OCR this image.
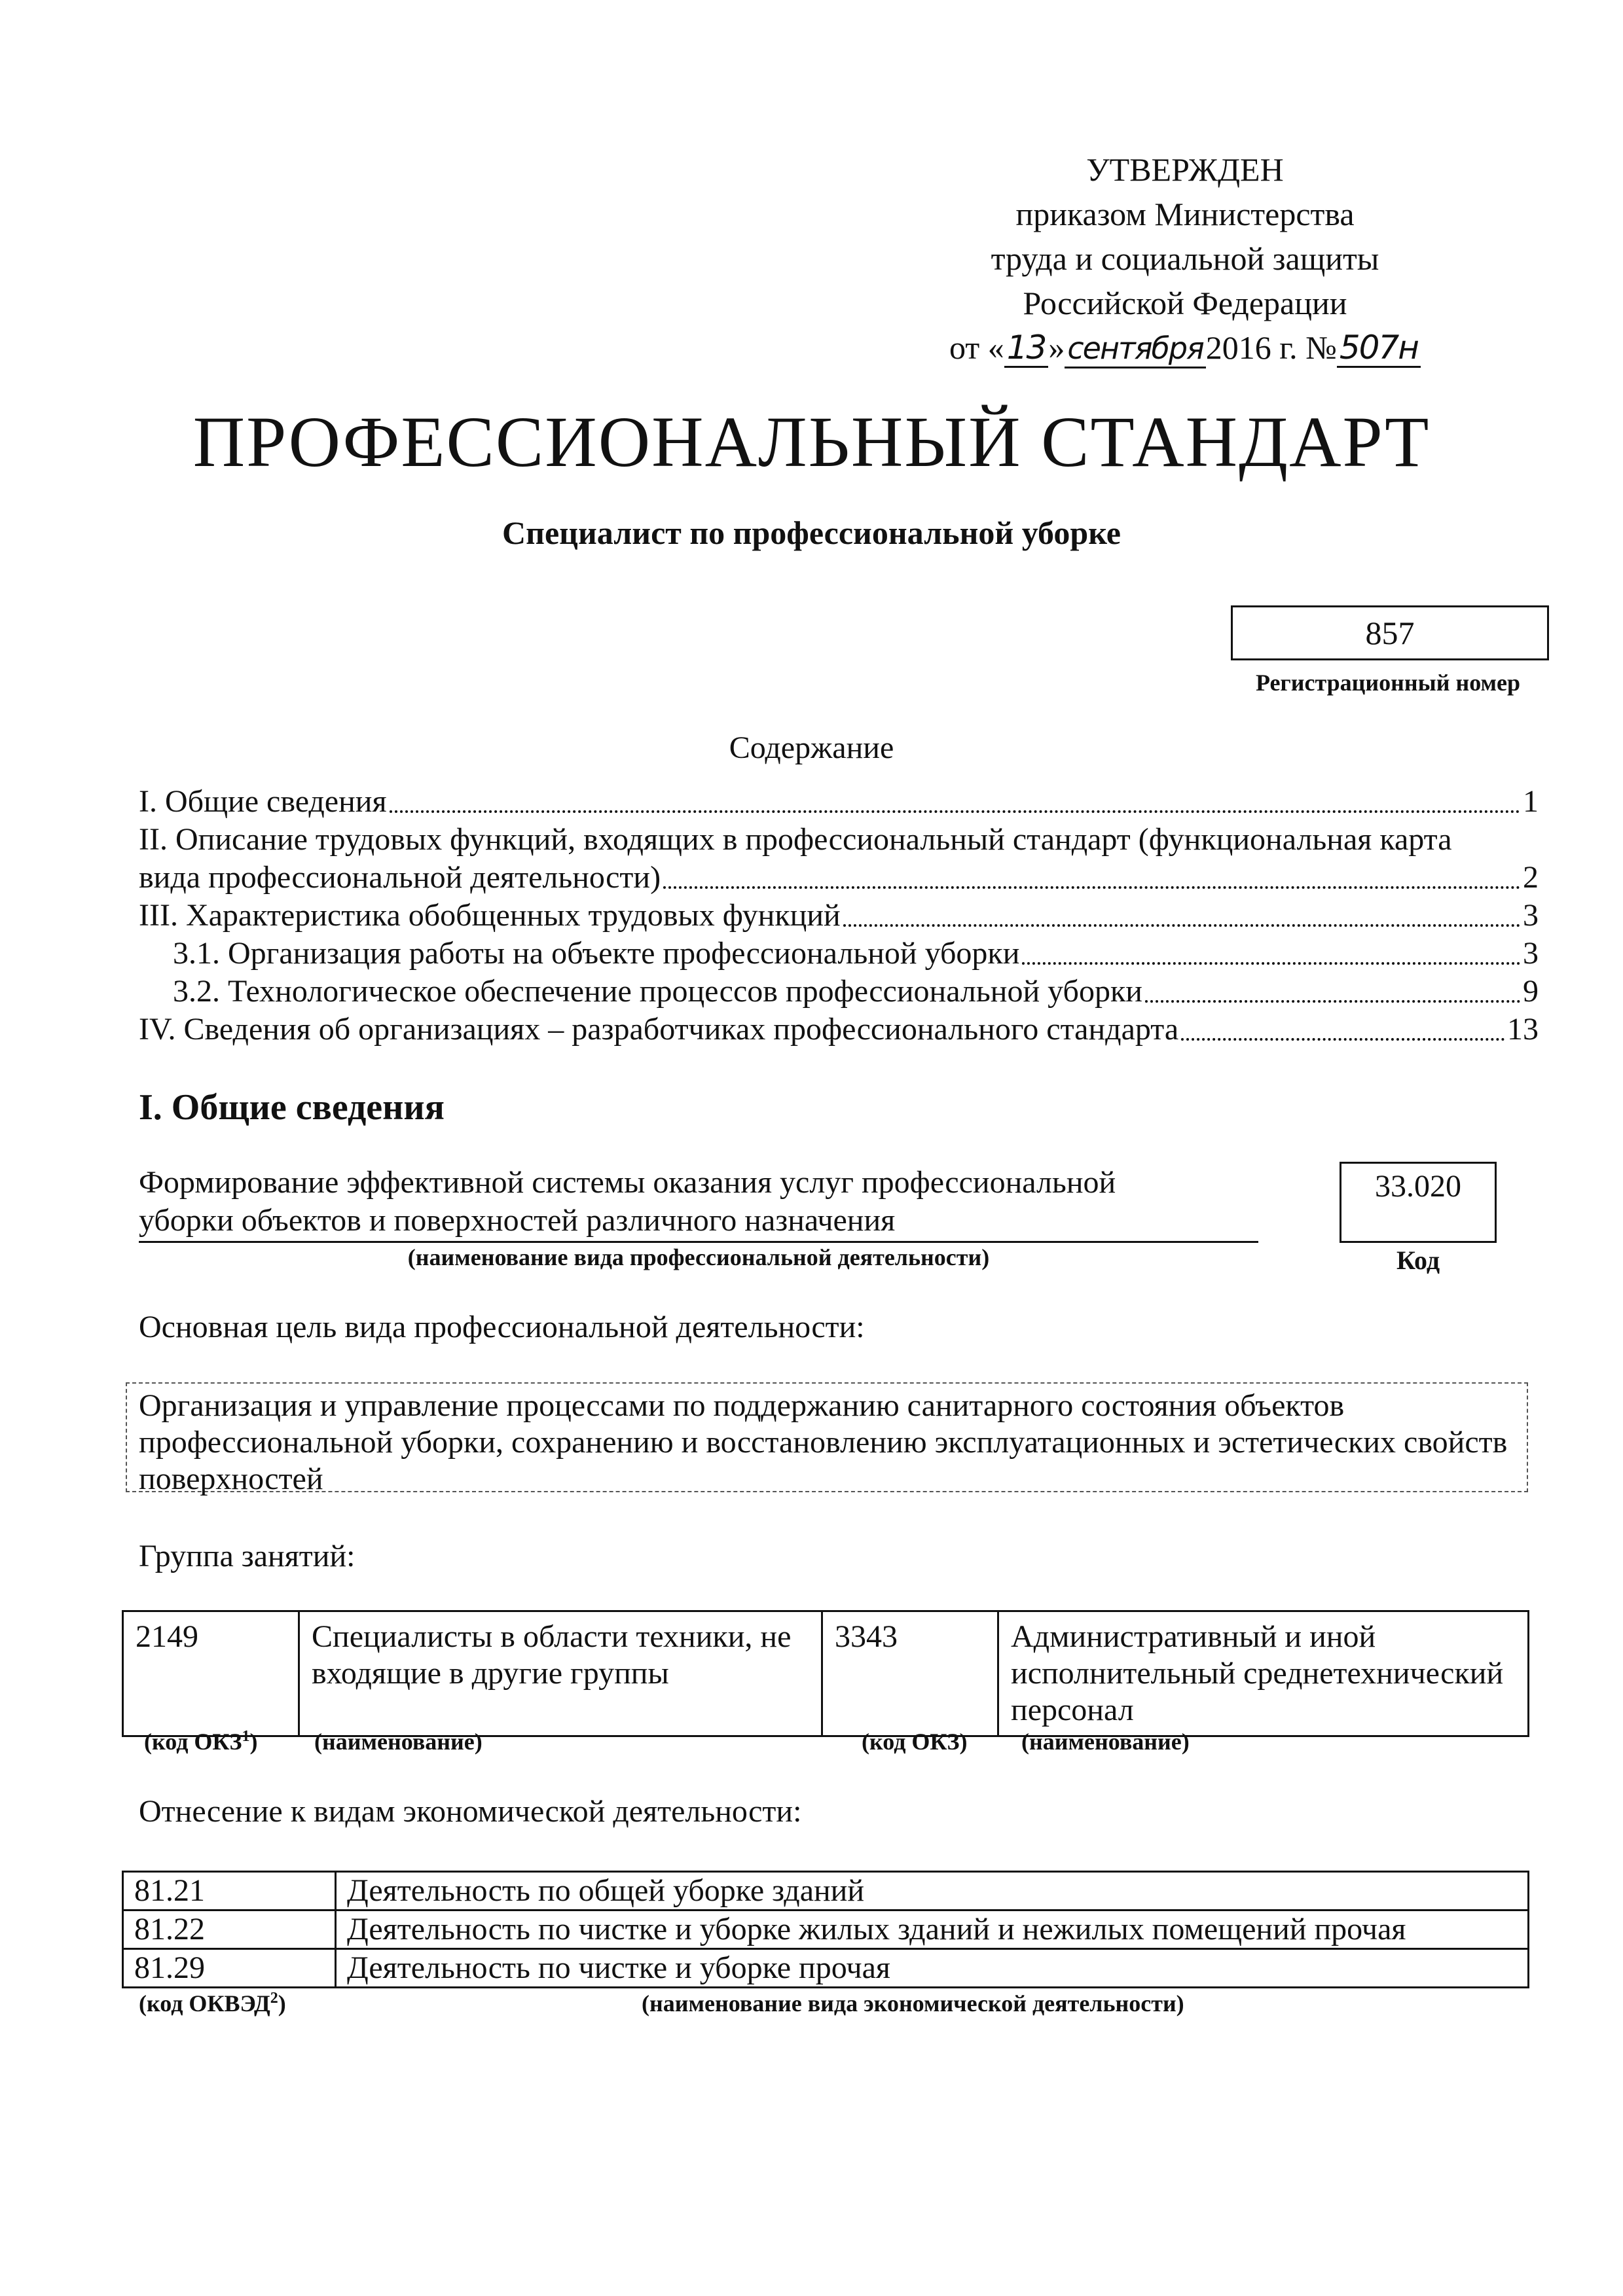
УТВЕРЖДЕН
приказом Министерства
труда и социальной защиты
Российской Федерации
от «13»сентября2016 г. №507н
ПРОФЕССИОНАЛЬНЫЙ СТАНДАРТ
Специалист по профессиональной уборке
857
Регистрационный номер
Содержание
I. Общие сведения	1
II. Описание трудовых функций, входящих в профессиональный стандарт (функциональная карта
вида профессиональной деятельности)	2
III. Характеристика обобщенных трудовых функций	3
3.1. Организация работы на объекте профессиональной уборки	3
3.2. Технологическое обеспечение процессов профессиональной уборки	9
IV. Сведения об организациях – разработчиках профессионального стандарта	13
I. Общие сведения
Формирование эффективной системы оказания услуг профессиональной
уборки объектов и поверхностей различного назначения
(наименование вида профессиональной деятельности)
33.020
Код
Основная цель вида профессиональной деятельности:
Организация и управление процессами по поддержанию санитарного состояния объектов профессиональной уборки, сохранению и восстановлению эксплуатационных и эстетических свойств поверхностей
Группа занятий:
2149	Специалисты в области техники, не входящие в другие группы	3343	Административный и иной исполнительный среднетехнический персонал
(код ОКЗ$^1$) (наименование)	(код ОКЗ) (наименование)
Отнесение к видам экономической деятельности:
81.21	Деятельность по общей уборке зданий
81.22	Деятельность по чистке и уборке жилых зданий и нежилых помещений прочая
81.29	Деятельность по чистке и уборке прочая
(код ОКВЭД$^2$)	(наименование вида экономической деятельности)
